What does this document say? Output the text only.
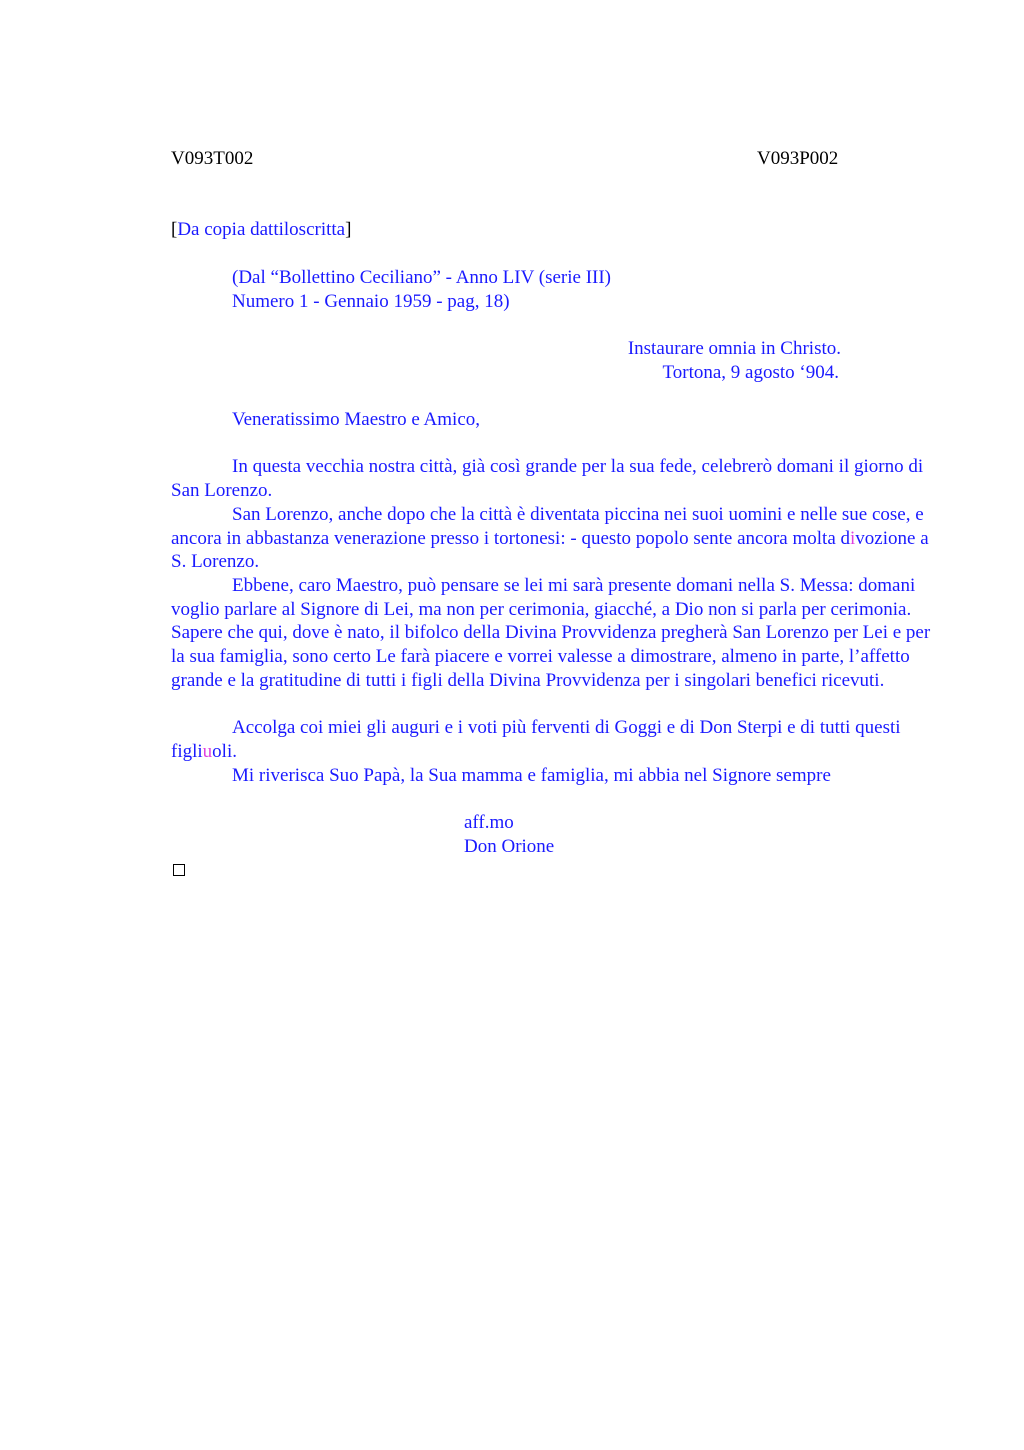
V093T002	V093P002
[Da copia dattiloscritta]
(Dal “Bollettino Ceciliano” - Anno LIV (serie III)
Numero 1 - Gennaio 1959 - pag, 18)
Instaurare omnia in Christo.
Tortona, 9 agosto ‘904.
Veneratissimo Maestro e Amico,

In questa vecchia nostra città, già così grande per la sua fede, celebrerò domani il giorno di San Lorenzo.

San Lorenzo, anche dopo che la città è diventata piccina nei suoi uomini e nelle sue cose, e ancora in abbastanza venerazione presso i tortonesi: - questo popolo sente ancora molta divozione a S. Lorenzo.

Ebbene, caro Maestro, può pensare se lei mi sarà presente domani nella S. Messa: domani voglio parlare al Signore di Lei, ma non per cerimonia, giacché, a Dio non si parla per cerimonia. Sapere che qui, dove è nato, il bifolco della Divina Provvidenza pregherà San Lorenzo per Lei e per la sua famiglia, sono certo Le farà piacere e vorrei valesse a dimostrare, almeno in parte, l’affetto grande e la gratitudine di tutti i figli della Divina Provvidenza per i singolari benefici ricevuti.

Accolga coi miei gli auguri e i voti più ferventi di Goggi e di Don Sterpi e di tutti questi figliuoli.

Mi riverisca Suo Papà, la Sua mamma e famiglia, mi abbia nel Signore sempre

aff.mo
Don Orione
